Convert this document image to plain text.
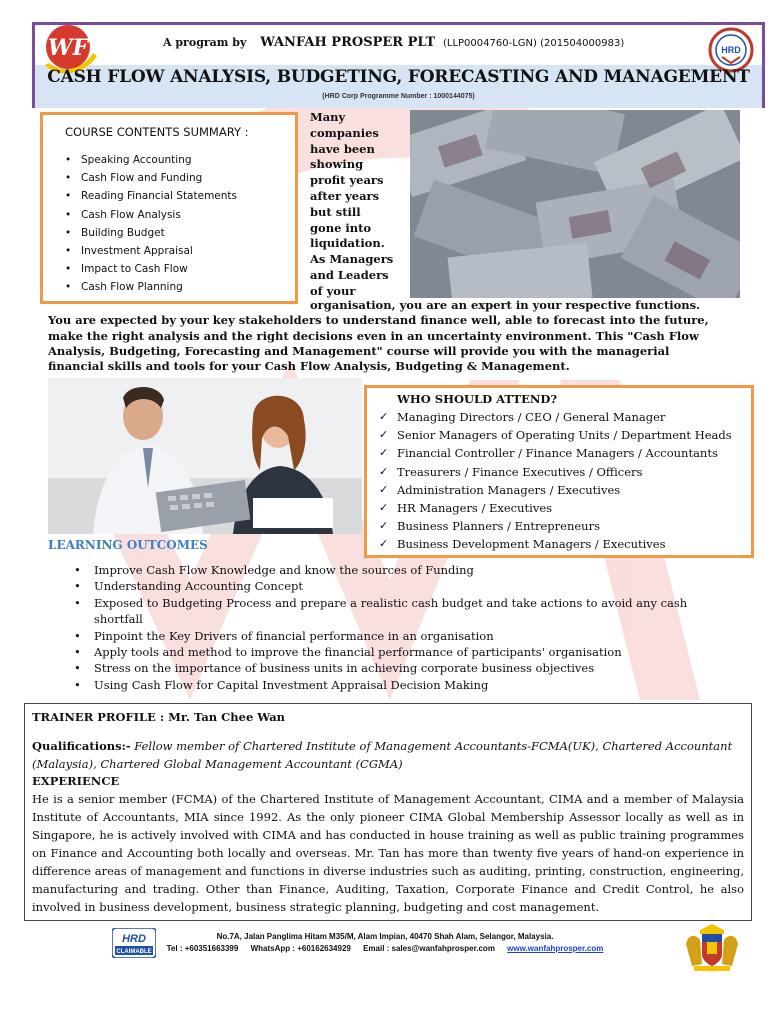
WF	A program by WANFAH PROSPER PLT (LLP0004760-LGN) (201504000983)
HRD
CASH FLOW ANALYSIS, BUDGETING, FORECASTING AND MANAGEMENT
(HRD Corp Programme Number : 1000144075)
COURSE CONTENTS SUMMARY :
• Speaking Accounting
• Cash Flow and Funding
• Reading Financial Statements
• Cash Flow Analysis
• Building Budget
• Investment Appraisal
• Impact to Cash Flow
• Cash Flow Planning
Many
companies
have been
showing
profit years
after years
but still
gone into
liquidation.
As Managers
and Leaders
of your
organisation, you are an expert in your respective functions.
You are expected by your key stakeholders to understand finance well, able to forecast into the future, make the right analysis and the right decisions even in an uncertainty environment. This "Cash Flow Analysis, Budgeting, Forecasting and Management" course will provide you with the managerial financial skills and tools for your Cash Flow Analysis, Budgeting & Management.
WHO SHOULD ATTEND?
✓ Managing Directors / CEO / General Manager
✓ Senior Managers of Operating Units / Department Heads
✓ Financial Controller / Finance Managers / Accountants
✓ Treasurers / Finance Executives / Officers
✓ Administration Managers / Executives
✓ HR Managers / Executives
✓ Business Planners / Entrepreneurs
✓ Business Development Managers / Executives
LEARNING OUTCOMES
• Improve Cash Flow Knowledge and know the sources of Funding
• Understanding Accounting Concept
• Exposed to Budgeting Process and prepare a realistic cash budget and take actions to avoid any cash shortfall
• Pinpoint the Key Drivers of financial performance in an organisation
• Apply tools and method to improve the financial performance of participants' organisation
• Stress on the importance of business units in achieving corporate business objectives
• Using Cash Flow for Capital Investment Appraisal Decision Making
TRAINER PROFILE : Mr. Tan Chee Wan
Qualifications:- Fellow member of Chartered Institute of Management Accountants-FCMA(UK), Chartered Accountant (Malaysia), Chartered Global Management Accountant (CGMA)
EXPERIENCE
He is a senior member (FCMA) of the Chartered Institute of Management Accountant, CIMA and a member of Malaysia Institute of Accountants, MIA since 1992. As the only pioneer CIMA Global Membership Assessor locally as well as in Singapore, he is actively involved with CIMA and has conducted in house training as well as public training programmes on Finance and Accounting both locally and overseas. Mr. Tan has more than twenty five years of hand-on experience in difference areas of management and functions in diverse industries such as auditing, printing, construction, engineering, manufacturing and trading. Other than Finance, Auditing, Taxation, Corporate Finance and Credit Control, he also involved in business development, business strategic planning, budgeting and cost management.
HRD
CLAIMABLE
No.7A, Jalan Panglima Hitam M35/M, Alam Impian, 40470 Shah Alam, Selangor, Malaysia.
Tel : +60351663399 WhatsApp : +60162634929 Email : sales@wanfahprosper.com www.wanfahprosper.com
